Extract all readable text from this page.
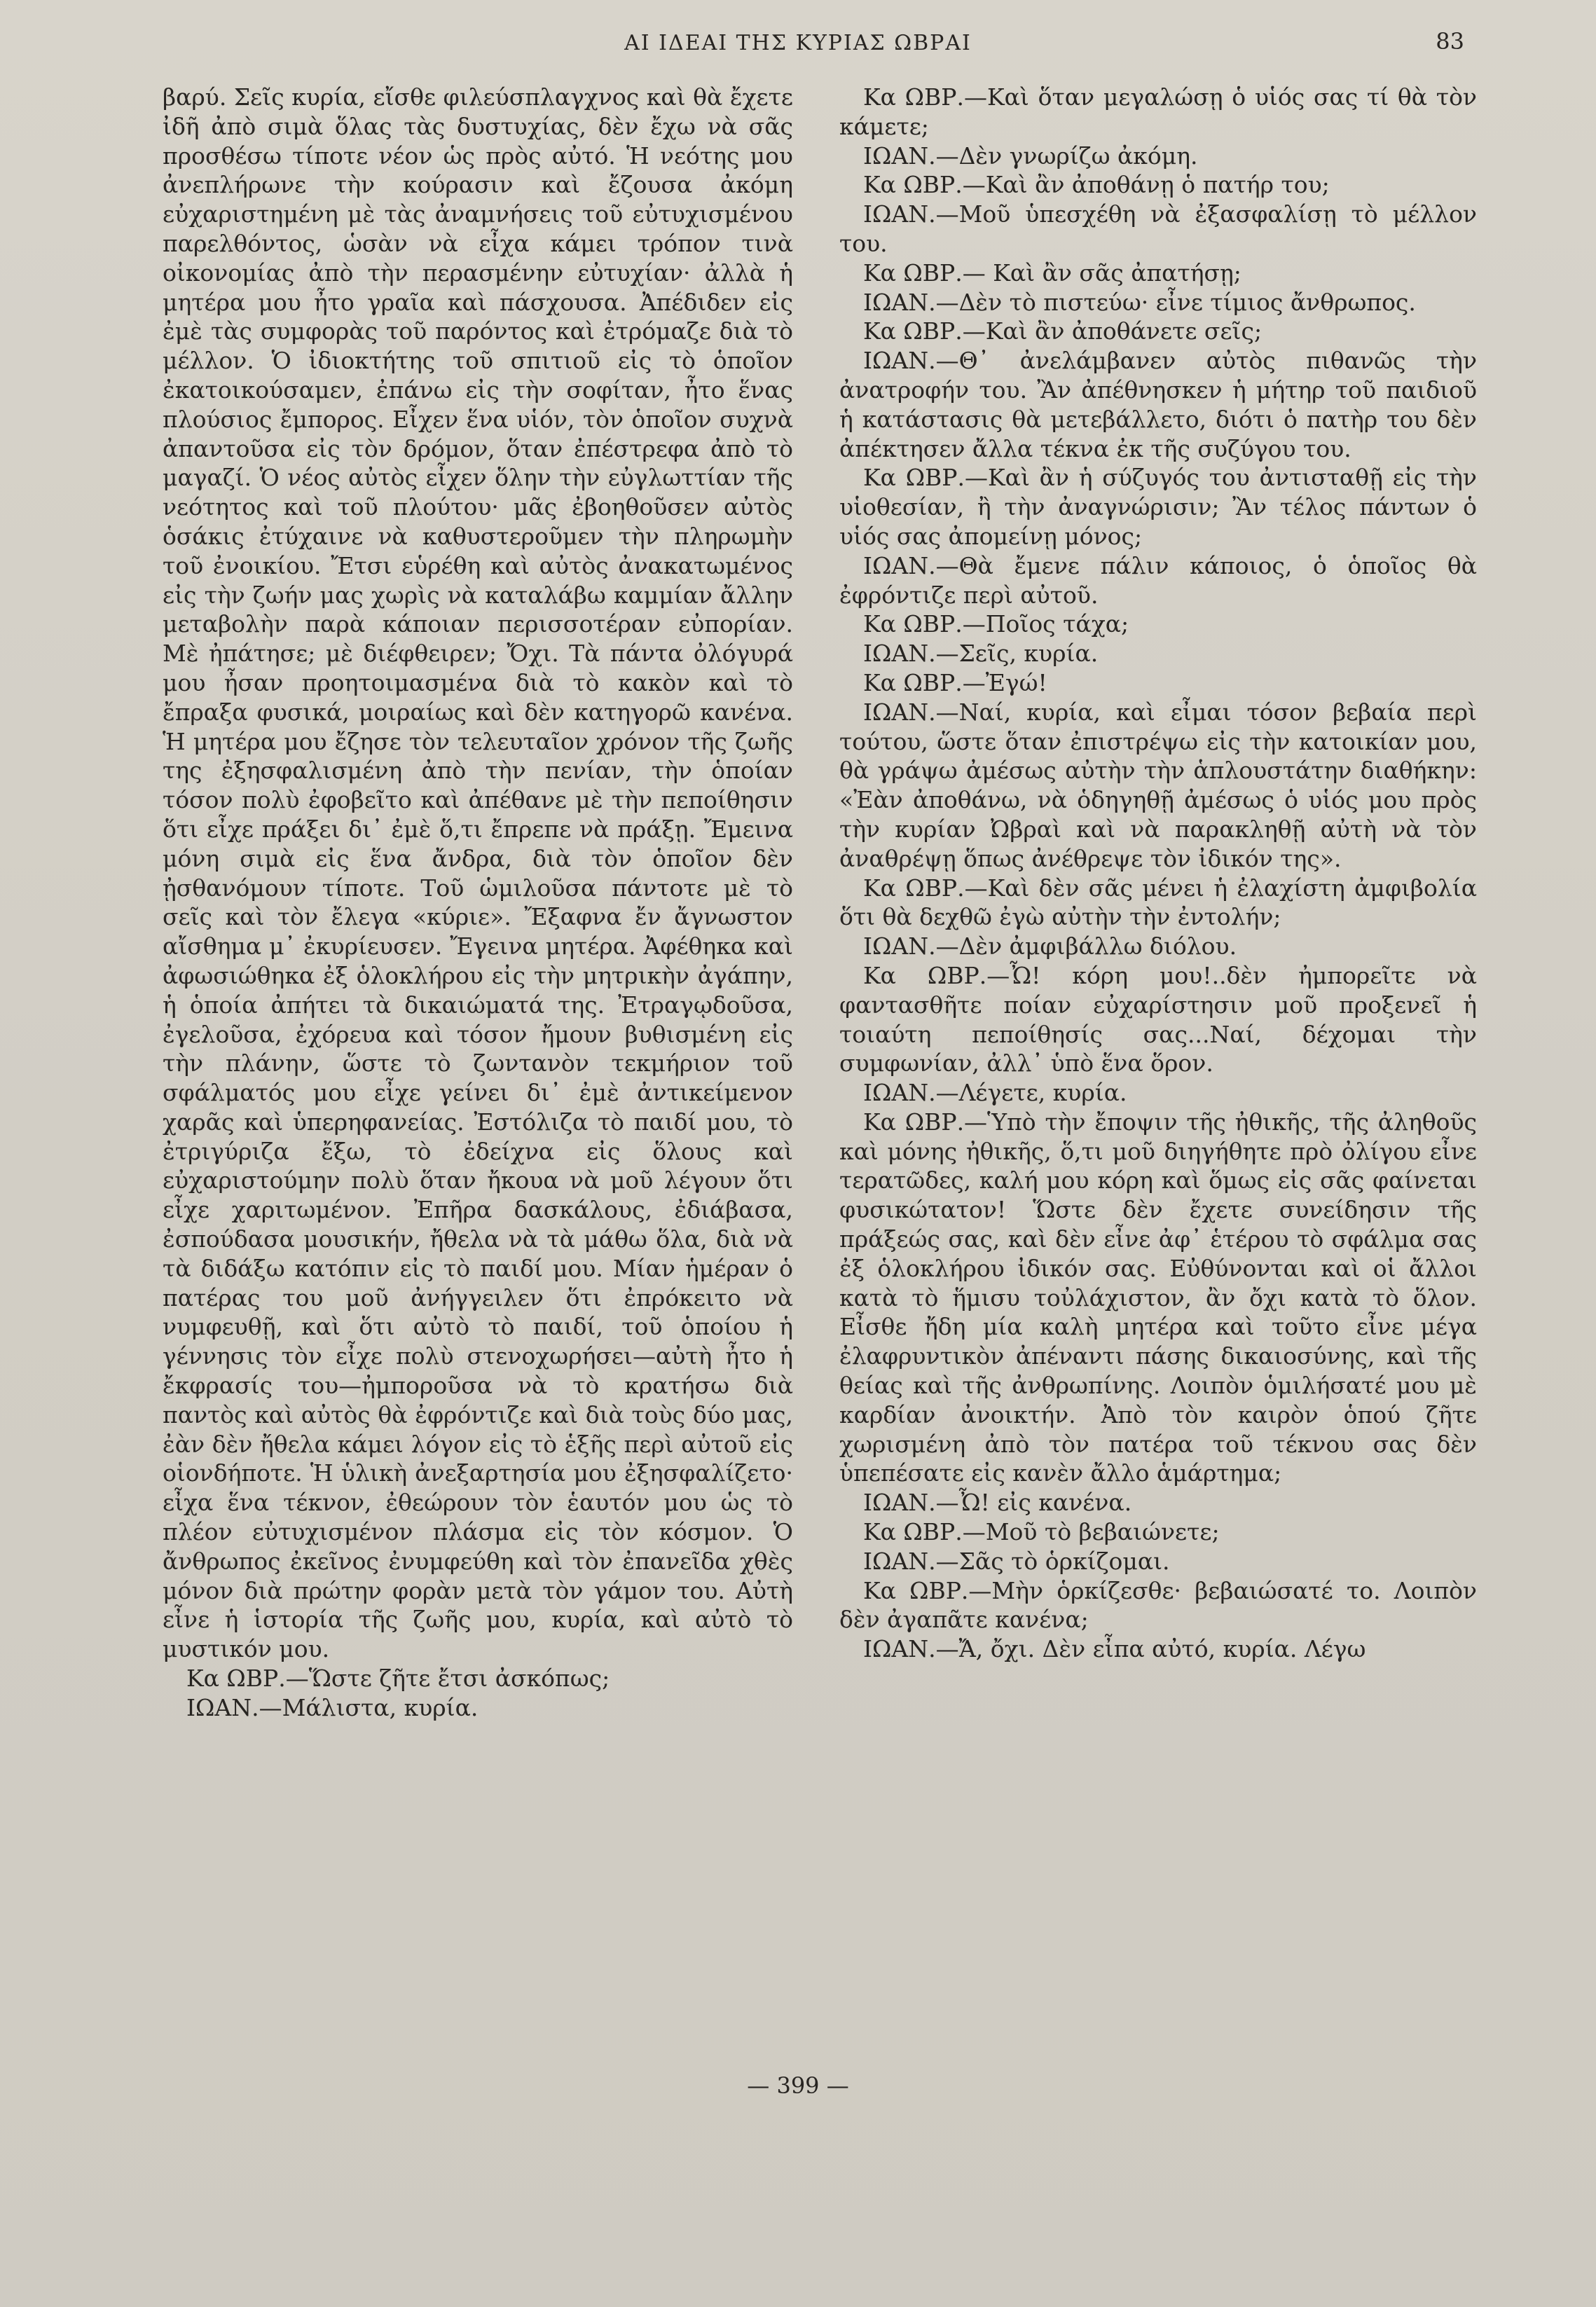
ΑΙ ΙΔΕΑΙ ΤΗΣ ΚΥΡΙΑΣ ΩΒΡΑΙ	83

βαρύ. Σεῖς κυρία, εἴσθε φιλεύσπλαγχνος καὶ θὰ ἔχετε ἰδῆ ἀπὸ σιμὰ ὅλας τὰς δυστυχίας, δὲν ἔχω νὰ σᾶς προσθέσω τίποτε νέον ὡς πρὸς αὐτό. Ἡ νεότης μου ἀνεπλήρωνε τὴν κούρασιν καὶ ἔζουσα ἀκόμη εὐχαριστημένη μὲ τὰς ἀναμνήσεις τοῦ εὐτυχισμένου παρελθόντος, ὡσὰν νὰ εἶχα κάμει τρόπον τινὰ οἰκονομίας ἀπὸ τὴν περασμένην εὐτυχίαν· ἀλλὰ ἡ μητέρα μου ἦτο γραῖα καὶ πάσχουσα. Ἀπέδιδεν εἰς ἐμὲ τὰς συμφορὰς τοῦ παρόντος καὶ ἐτρόμαζε διὰ τὸ μέλλον. Ὁ ἰδιοκτήτης τοῦ σπιτιοῦ εἰς τὸ ὁποῖον ἐκατοικούσαμεν, ἐπάνω εἰς τὴν σοφίταν, ἦτο ἕνας πλούσιος ἔμπορος. Εἶχεν ἕνα υἱόν, τὸν ὁποῖον συχνὰ ἀπαντοῦσα εἰς τὸν δρόμον, ὅταν ἐπέστρεφα ἀπὸ τὸ μαγαζί. Ὁ νέος αὐτὸς εἶχεν ὅλην τὴν εὐγλωττίαν τῆς νεότητος καὶ τοῦ πλούτου· μᾶς ἐβοηθοῦσεν αὐτὸς ὁσάκις ἐτύχαινε νὰ καθυστεροῦμεν τὴν πληρωμὴν τοῦ ἐνοικίου. Ἔτσι εὑρέθη καὶ αὐτὸς ἀνακατωμένος εἰς τὴν ζωήν μας χωρὶς νὰ καταλάβω καμμίαν ἄλλην μεταβολὴν παρὰ κάποιαν περισσοτέραν εὐπορίαν. Μὲ ἠπάτησε; μὲ διέφθειρεν; Ὄχι. Τὰ πάντα ὀλόγυρά μου ἦσαν προητοιμασμένα διὰ τὸ κακὸν καὶ τὸ ἔπραξα φυσικά, μοιραίως καὶ δὲν κατηγορῶ κανένα. Ἡ μητέρα μου ἔζησε τὸν τελευταῖον χρόνον τῆς ζωῆς της ἐξησφαλισμένη ἀπὸ τὴν πενίαν, τὴν ὁποίαν τόσον πολὺ ἐφοβεῖτο καὶ ἀπέθανε μὲ τὴν πεποίθησιν ὅτι εἶχε πράξει δι᾽ ἐμὲ ὅ,τι ἔπρεπε νὰ πράξῃ. Ἔμεινα μόνη σιμὰ εἰς ἕνα ἄνδρα, διὰ τὸν ὁποῖον δὲν ᾐσθανόμουν τίποτε. Τοῦ ὡμιλοῦσα πάντοτε μὲ τὸ σεῖς καὶ τὸν ἔλεγα «κύριε». Ἔξαφνα ἔν ἄγνωστον αἴσθημα μ᾽ ἐκυρίευσεν. Ἔγεινα μητέρα. Ἀφέθηκα καὶ ἀφωσιώθηκα ἐξ ὁλοκλήρου εἰς τὴν μητρικὴν ἀγάπην, ἡ ὁποία ἀπήτει τὰ δικαιώματά της. Ἐτραγῳδοῦσα, ἐγελοῦσα, ἐχόρευα καὶ τόσον ἤμουν βυθισμένη εἰς τὴν πλάνην, ὥστε τὸ ζωντανὸν τεκμήριον τοῦ σφάλματός μου εἶχε γείνει δι᾽ ἐμὲ ἀντικείμενον χαρᾶς καὶ ὑπερηφανείας. Ἐστόλιζα τὸ παιδί μου, τὸ ἐτριγύριζα ἔξω, τὸ ἐδείχνα εἰς ὅλους καὶ εὐχαριστούμην πολὺ ὅταν ἤκουα νὰ μοῦ λέγουν ὅτι εἶχε χαριτωμένον. Ἐπῆρα δασκάλους, ἐδιάβασα, ἐσπούδασα μουσικήν, ἤθελα νὰ τὰ μάθω ὅλα, διὰ νὰ τὰ διδάξω κατόπιν εἰς τὸ παιδί μου. Μίαν ἡμέραν ὁ πατέρας του μοῦ ἀνήγγειλεν ὅτι ἐπρόκειτο νὰ νυμφευθῇ, καὶ ὅτι αὐτὸ τὸ παιδί, τοῦ ὁποίου ἡ γέννησις τὸν εἶχε πολὺ στενοχωρήσει—αὐτὴ ἦτο ἡ ἔκφρασίς του—ἠμποροῦσα νὰ τὸ κρατήσω διὰ παντὸς καὶ αὐτὸς θὰ ἐφρόντιζε καὶ διὰ τοὺς δύο μας, ἐὰν δὲν ἤθελα κάμει λόγον εἰς τὸ ἑξῆς περὶ αὐτοῦ εἰς οἱονδήποτε. Ἡ ὑλικὴ ἀνεξαρτησία μου ἐξησφαλίζετο· εἶχα ἕνα τέκνον, ἐθεώρουν τὸν ἑαυτόν μου ὡς τὸ πλέον εὐτυχισμένον πλάσμα εἰς τὸν κόσμον. Ὁ ἄνθρωπος ἐκεῖνος ἐνυμφεύθη καὶ τὸν ἐπανεῖδα χθὲς μόνον διὰ πρώτην φορὰν μετὰ τὸν γάμον του. Αὐτὴ εἶνε ἡ ἱστορία τῆς ζωῆς μου, κυρία, καὶ αὐτὸ τὸ μυστικόν μου.

Κα ΩΒΡ.—Ὥστε ζῆτε ἔτσι ἀσκόπως;

ΙΩΑΝ.—Μάλιστα, κυρία.

Κα ΩΒΡ.—Καὶ ὅταν μεγαλώσῃ ὁ υἱός σας τί θὰ τὸν κάμετε;

ΙΩΑΝ.—Δὲν γνωρίζω ἀκόμη.

Κα ΩΒΡ.—Καὶ ἂν ἀποθάνῃ ὁ πατήρ του;

ΙΩΑΝ.—Μοῦ ὑπεσχέθη νὰ ἐξασφαλίσῃ τὸ μέλλον του.

Κα ΩΒΡ.— Καὶ ἂν σᾶς ἀπατήσῃ;

ΙΩΑΝ.—Δὲν τὸ πιστεύω· εἶνε τίμιος ἄνθρωπος.

Κα ΩΒΡ.—Καὶ ἂν ἀποθάνετε σεῖς;

ΙΩΑΝ.—Θ᾽ ἀνελάμβανεν αὐτὸς πιθανῶς τὴν ἀνατροφήν του. Ἂν ἀπέθνησκεν ἡ μήτηρ τοῦ παιδιοῦ ἡ κατάστασις θὰ μετεβάλλετο, διότι ὁ πατὴρ του δὲν ἀπέκτησεν ἄλλα τέκνα ἐκ τῆς συζύγου του.

Κα ΩΒΡ.—Καὶ ἂν ἡ σύζυγός του ἀντισταθῇ εἰς τὴν υἱοθεσίαν, ἢ τὴν ἀναγνώρισιν; Ἂν τέλος πάντων ὁ υἱός σας ἀπομείνῃ μόνος;

ΙΩΑΝ.—Θὰ ἔμενε πάλιν κάποιος, ὁ ὁποῖος θὰ ἐφρόντιζε περὶ αὐτοῦ.

Κα ΩΒΡ.—Ποῖος τάχα;

ΙΩΑΝ.—Σεῖς, κυρία.

Κα ΩΒΡ.—Ἐγώ!

ΙΩΑΝ.—Ναί, κυρία, καὶ εἶμαι τόσον βεβαία περὶ τούτου, ὥστε ὅταν ἐπιστρέψω εἰς τὴν κατοικίαν μου, θὰ γράψω ἀμέσως αὐτὴν τὴν ἁπλουστάτην διαθήκην: «Ἐὰν ἀποθάνω, νὰ ὁδηγηθῇ ἀμέσως ὁ υἱός μου πρὸς τὴν κυρίαν Ὠβραὶ καὶ νὰ παρακληθῇ αὐτὴ νὰ τὸν ἀναθρέψῃ ὅπως ἀνέθρεψε τὸν ἰδικόν της».

Κα ΩΒΡ.—Καὶ δὲν σᾶς μένει ἡ ἐλαχίστη ἀμφιβολία ὅτι θὰ δεχθῶ ἐγὼ αὐτὴν τὴν ἐντολήν;

ΙΩΑΝ.—Δὲν ἀμφιβάλλω διόλου.

Κα ΩΒΡ.—Ὦ! κόρη μου!..δὲν ἠμπορεῖτε νὰ φαντασθῆτε ποίαν εὐχαρίστησιν μοῦ προξενεῖ ἡ τοιαύτη πεποίθησίς σας...Ναί, δέχομαι τὴν συμφωνίαν, ἀλλ᾽ ὑπὸ ἕνα ὅρον.

ΙΩΑΝ.—Λέγετε, κυρία.

Κα ΩΒΡ.—Ὑπὸ τὴν ἔποψιν τῆς ἠθικῆς, τῆς ἀληθοῦς καὶ μόνης ἠθικῆς, ὅ,τι μοῦ διηγήθητε πρὸ ὀλίγου εἶνε τερατῶδες, καλή μου κόρη καὶ ὅμως εἰς σᾶς φαίνεται φυσικώτατον! Ὥστε δὲν ἔχετε συνείδησιν τῆς πράξεώς σας, καὶ δὲν εἶνε ἀφ᾽ ἑτέρου τὸ σφάλμα σας ἐξ ὁλοκλήρου ἰδικόν σας. Εὐθύνονται καὶ οἱ ἄλλοι κατὰ τὸ ἥμισυ τοὐλάχιστον, ἂν ὄχι κατὰ τὸ ὅλον. Εἶσθε ἤδη μία καλὴ μητέρα καὶ τοῦτο εἶνε μέγα ἐλαφρυντικὸν ἀπέναντι πάσης δικαιοσύνης, καὶ τῆς θείας καὶ τῆς ἀνθρωπίνης. Λοιπὸν ὁμιλήσατέ μου μὲ καρδίαν ἀνοικτήν. Ἀπὸ τὸν καιρὸν ὁπού ζῆτε χωρισμένη ἀπὸ τὸν πατέρα τοῦ τέκνου σας δὲν ὑπεπέσατε εἰς κανὲν ἄλλο ἁμάρτημα;

ΙΩΑΝ.—Ὦ! εἰς κανένα.

Κα ΩΒΡ.—Μοῦ τὸ βεβαιώνετε;

ΙΩΑΝ.—Σᾶς τὸ ὁρκίζομαι.

Κα ΩΒΡ.—Μὴν ὁρκίζεσθε· βεβαιώσατέ το. Λοιπὸν δὲν ἀγαπᾶτε κανένα;

ΙΩΑΝ.—Ἄ, ὄχι. Δὲν εἶπα αὐτό, κυρία. Λέγω

— 399 —
